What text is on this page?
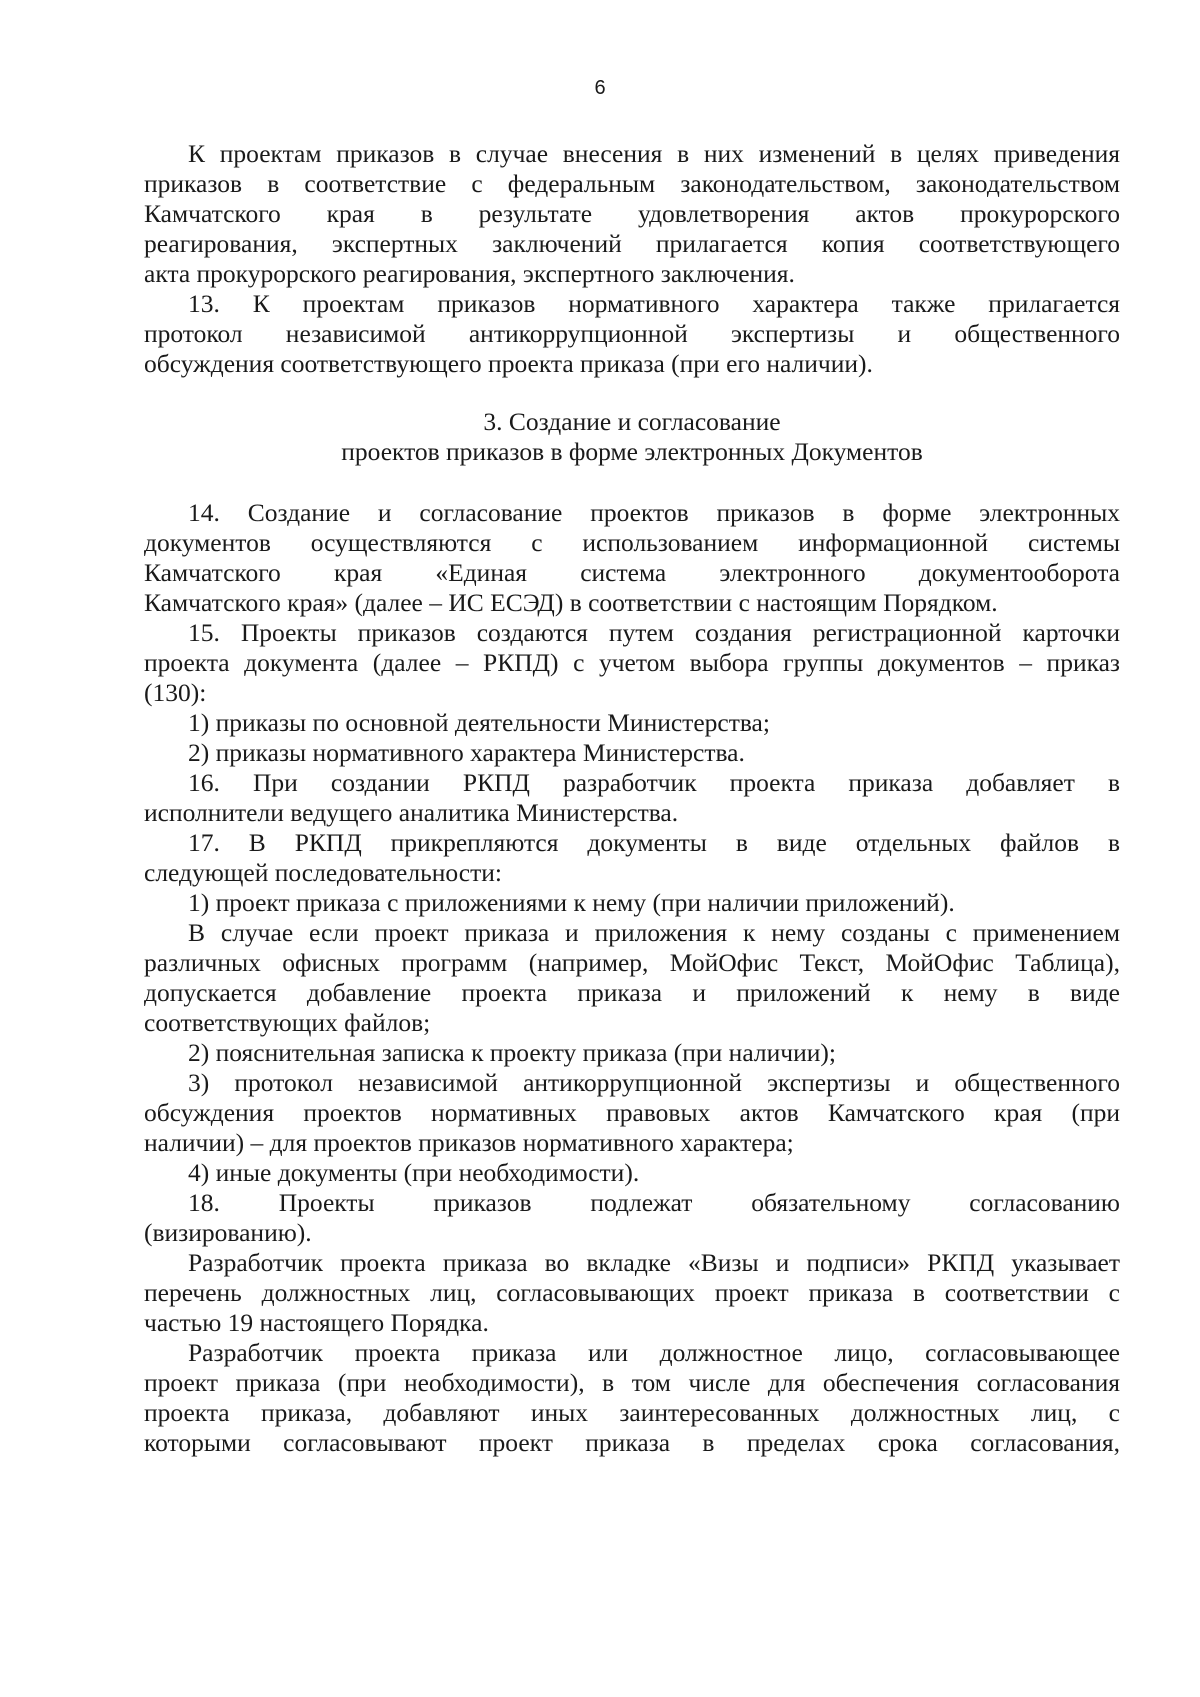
6
К проектам приказов в случае внесения в них изменений в целях приведения
приказов в соответствие с федеральным законодательством, законодательством
Камчатского края в результате удовлетворения актов прокурорского
реагирования, экспертных заключений прилагается копия соответствующего
акта прокурорского реагирования, экспертного заключения.
13. К проектам приказов нормативного характера также прилагается
протокол независимой антикоррупционной экспертизы и общественного
обсуждения соответствующего проекта приказа (при его наличии).
3. Создание и согласование
проектов приказов в форме электронных Документов
14. Создание и согласование проектов приказов в форме электронных
документов осуществляются с использованием информационной системы
Камчатского края «Единая система электронного документооборота
Камчатского края» (далее – ИС ЕСЭД) в соответствии с настоящим Порядком.
15. Проекты приказов создаются путем создания регистрационной карточки
проекта документа (далее – РКПД) с учетом выбора группы документов – приказ
(130):
1) приказы по основной деятельности Министерства;
2) приказы нормативного характера Министерства.
16. При создании РКПД разработчик проекта приказа добавляет в
исполнители ведущего аналитика Министерства.
17. В РКПД прикрепляются документы в виде отдельных файлов в
следующей последовательности:
1) проект приказа с приложениями к нему (при наличии приложений).
В случае если проект приказа и приложения к нему созданы с применением
различных офисных программ (например, МойОфис Текст, МойОфис Таблица),
допускается добавление проекта приказа и приложений к нему в виде
соответствующих файлов;
2) пояснительная записка к проекту приказа (при наличии);
3) протокол независимой антикоррупционной экспертизы и общественного
обсуждения проектов нормативных правовых актов Камчатского края (при
наличии) – для проектов приказов нормативного характера;
4) иные документы (при необходимости).
18. Проекты приказов подлежат обязательному согласованию
(визированию).
Разработчик проекта приказа во вкладке «Визы и подписи» РКПД указывает
перечень должностных лиц, согласовывающих проект приказа в соответствии с
частью 19 настоящего Порядка.
Разработчик проекта приказа или должностное лицо, согласовывающее
проект приказа (при необходимости), в том числе для обеспечения согласования
проекта приказа, добавляют иных заинтересованных должностных лиц, с
которыми согласовывают проект приказа в пределах срока согласования,
